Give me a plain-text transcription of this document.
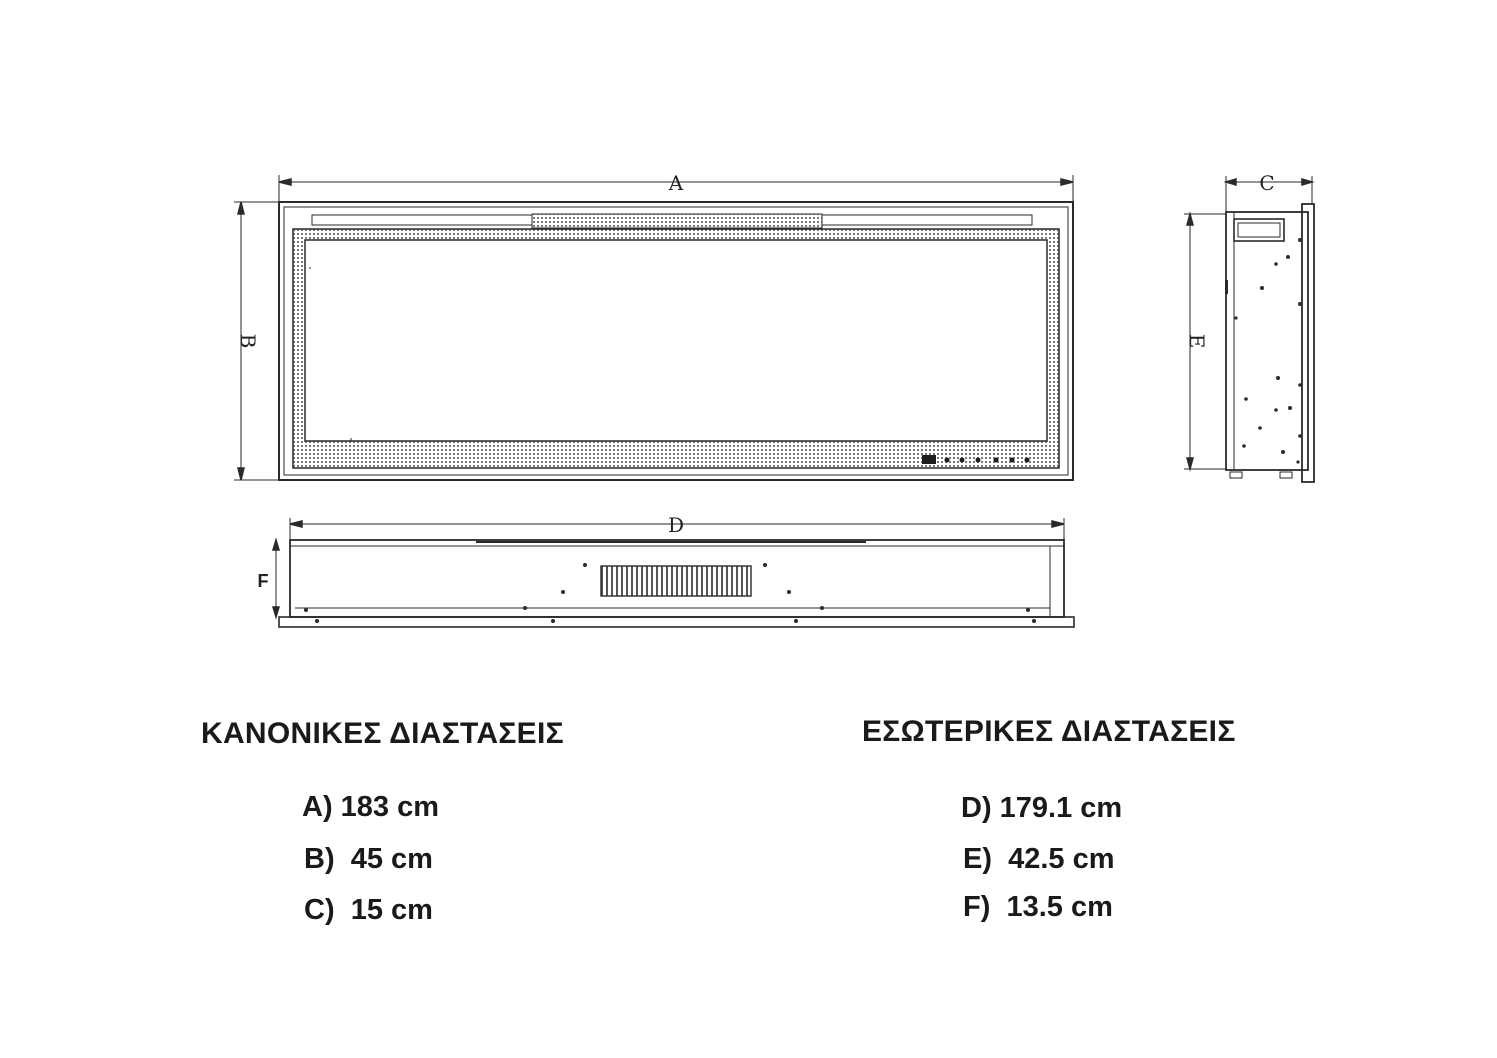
A
B
C
E
D
F
ΚΑΝΟΝΙΚΕΣ ΔΙΑΣΤΑΣΕΙΣ
A) 183 cm
B)  45 cm
C)  15 cm
ΕΣΩΤΕΡΙΚΕΣ ΔΙΑΣΤΑΣΕΙΣ
D) 179.1 cm
E)  42.5 cm
F)  13.5 cm
